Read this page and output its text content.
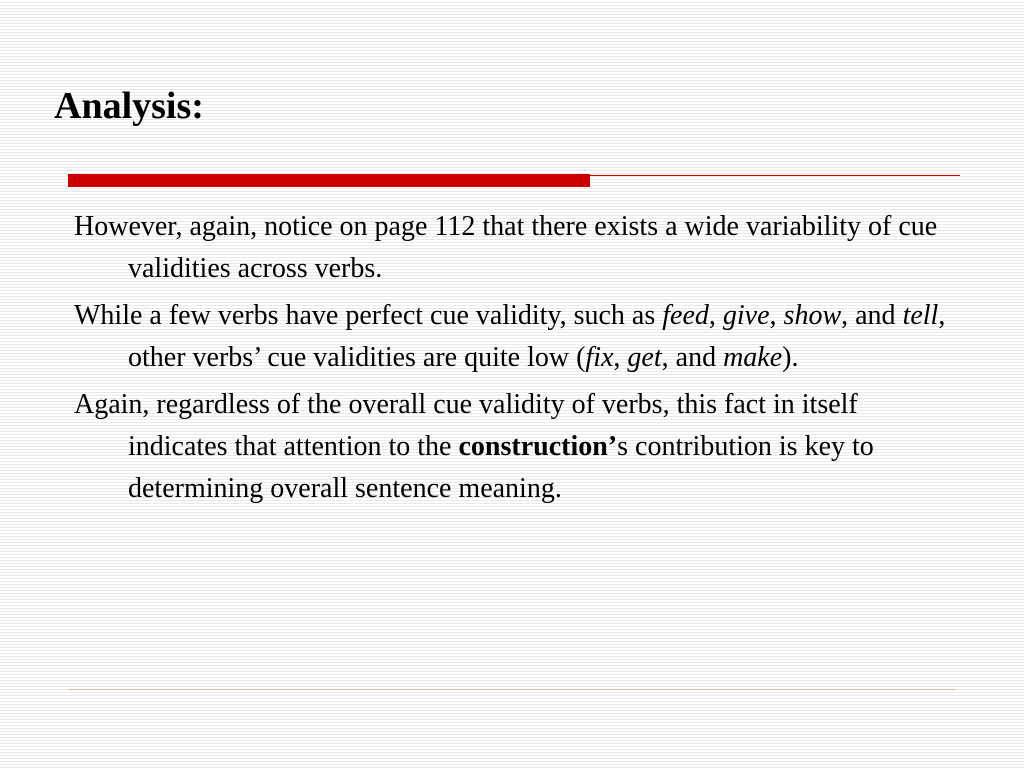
Analysis:
However, again, notice on page 112 that there exists a wide variability of cue validities across verbs.
While a few verbs have perfect cue validity, such as feed, give, show, and tell, other verbs’ cue validities are quite low (fix, get, and make).
Again, regardless of the overall cue validity of verbs, this fact in itself indicates that attention to the construction’s contribution is key to determining overall sentence meaning.
